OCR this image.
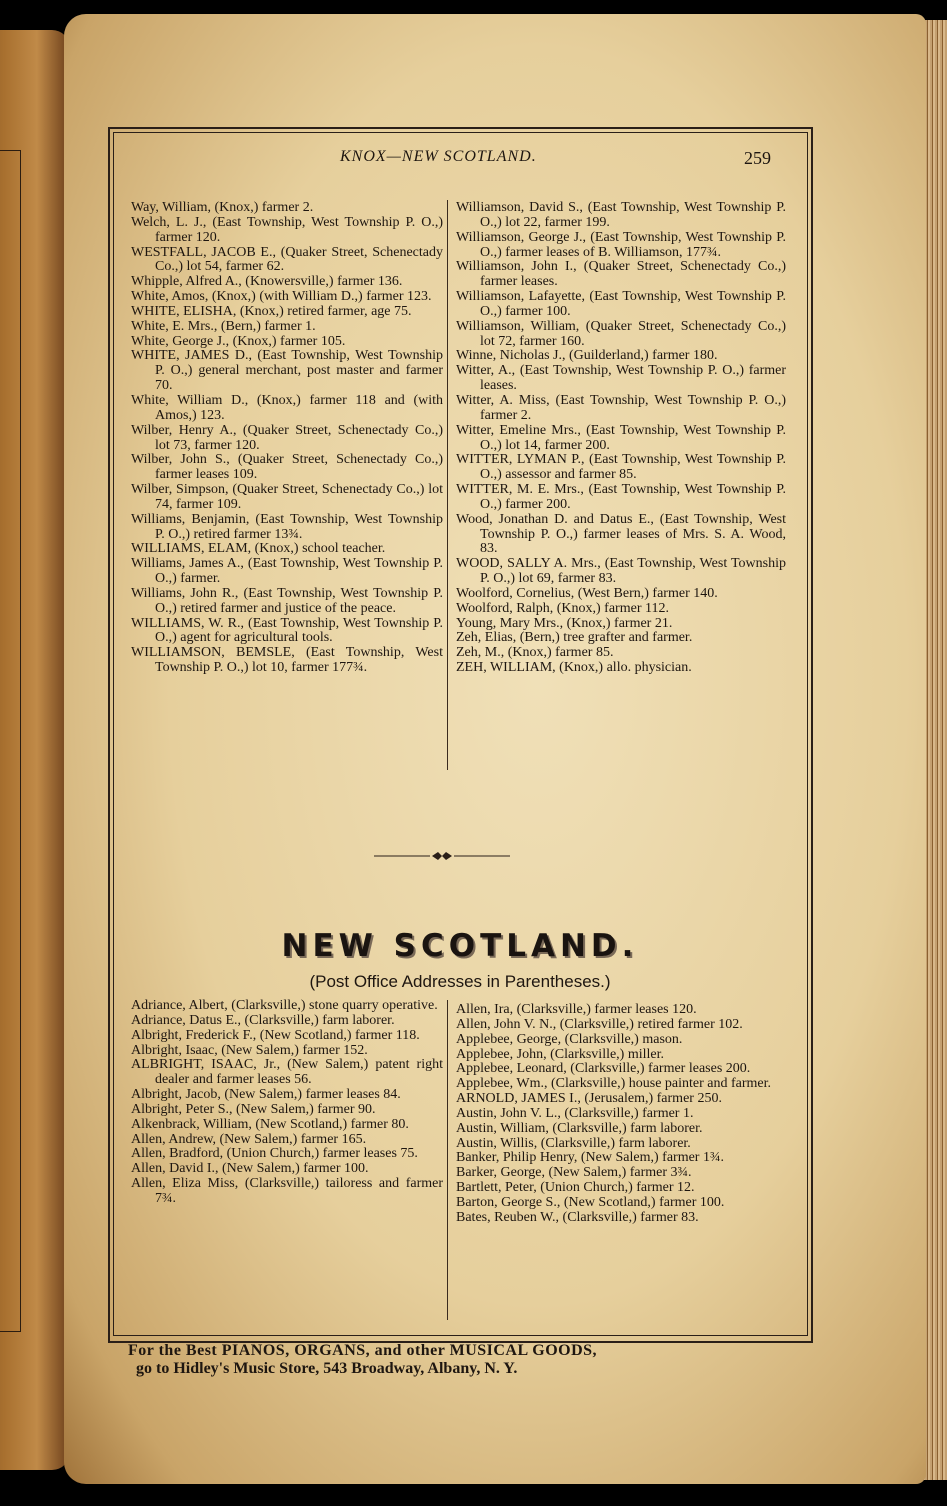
KNOX—NEW SCOTLAND.	259

Way, William, (Knox,) farmer 2.

Welch, L. J., (East Township, West Township P. O.,) farmer 120.

WESTFALL, JACOB E., (Quaker Street, Schenectady Co.,) lot 54, farmer 62.

Whipple, Alfred A., (Knowersville,) farmer 136.

White, Amos, (Knox,) (with William D.,) farmer 123.

WHITE, ELISHA, (Knox,) retired farmer, age 75.

White, E. Mrs., (Bern,) farmer 1.

White, George J., (Knox,) farmer 105.

WHITE, JAMES D., (East Township, West Township P. O.,) general merchant, post master and farmer 70.

White, William D., (Knox,) farmer 118 and (with Amos,) 123.

Wilber, Henry A., (Quaker Street, Schenectady Co.,) lot 73, farmer 120.

Wilber, John S., (Quaker Street, Schenectady Co.,) farmer leases 109.

Wilber, Simpson, (Quaker Street, Schenectady Co.,) lot 74, farmer 109.

Williams, Benjamin, (East Township, West Township P. O.,) retired farmer 13¾.

WILLIAMS, ELAM, (Knox,) school teacher.

Williams, James A., (East Township, West Township P. O.,) farmer.

Williams, John R., (East Township, West Township P. O.,) retired farmer and justice of the peace.

WILLIAMS, W. R., (East Township, West Township P. O.,) agent for agricultural tools.

WILLIAMSON, BEMSLE, (East Township, West Township P. O.,) lot 10, farmer 177¾.

Williamson, David S., (East Township, West Township P. O.,) lot 22, farmer 199.

Williamson, George J., (East Township, West Township P. O.,) farmer leases of B. Williamson, 177¾.

Williamson, John I., (Quaker Street, Schenectady Co.,) farmer leases.

Williamson, Lafayette, (East Township, West Township P. O.,) farmer 100.

Williamson, William, (Quaker Street, Schenectady Co.,) lot 72, farmer 160.

Winne, Nicholas J., (Guilderland,) farmer 180.

Witter, A., (East Township, West Township P. O.,) farmer leases.

Witter, A. Miss, (East Township, West Township P. O.,) farmer 2.

Witter, Emeline Mrs., (East Township, West Township P. O.,) lot 14, farmer 200.

WITTER, LYMAN P., (East Township, West Township P. O.,) assessor and farmer 85.

WITTER, M. E. Mrs., (East Township, West Township P. O.,) farmer 200.

Wood, Jonathan D. and Datus E., (East Township, West Township P. O.,) farmer leases of Mrs. S. A. Wood, 83.

WOOD, SALLY A. Mrs., (East Township, West Township P. O.,) lot 69, farmer 83.

Woolford, Cornelius, (West Bern,) farmer 140.

Woolford, Ralph, (Knox,) farmer 112.

Young, Mary Mrs., (Knox,) farmer 21.

Zeh, Elias, (Bern,) tree grafter and farmer.

Zeh, M., (Knox,) farmer 85.

ZEH, WILLIAM, (Knox,) allo. physician.

NEW SCOTLAND.
(Post Office Addresses in Parentheses.)

Adriance, Albert, (Clarksville,) stone quarry operative.

Adriance, Datus E., (Clarksville,) farm laborer.

Albright, Frederick F., (New Scotland,) farmer 118.

Albright, Isaac, (New Salem,) farmer 152.

ALBRIGHT, ISAAC, Jr., (New Salem,) patent right dealer and farmer leases 56.

Albright, Jacob, (New Salem,) farmer leases 84.

Albright, Peter S., (New Salem,) farmer 90.

Alkenbrack, William, (New Scotland,) farmer 80.

Allen, Andrew, (New Salem,) farmer 165.

Allen, Bradford, (Union Church,) farmer leases 75.

Allen, David I., (New Salem,) farmer 100.

Allen, Eliza Miss, (Clarksville,) tailoress and farmer 7¾.

Allen, Ira, (Clarksville,) farmer leases 120.

Allen, John V. N., (Clarksville,) retired farmer 102.

Applebee, George, (Clarksville,) mason.

Applebee, John, (Clarksville,) miller.

Applebee, Leonard, (Clarksville,) farmer leases 200.

Applebee, Wm., (Clarksville,) house painter and farmer.

ARNOLD, JAMES I., (Jerusalem,) farmer 250.

Austin, John V. L., (Clarksville,) farmer 1.

Austin, William, (Clarksville,) farm laborer.

Austin, Willis, (Clarksville,) farm laborer.

Banker, Philip Henry, (New Salem,) farmer 1¾.

Barker, George, (New Salem,) farmer 3¾.

Bartlett, Peter, (Union Church,) farmer 12.

Barton, George S., (New Scotland,) farmer 100.

Bates, Reuben W., (Clarksville,) farmer 83.

For the Best PIANOS, ORGANS, and other MUSICAL GOODS,
go to Hidley's Music Store, 543 Broadway, Albany, N. Y.
